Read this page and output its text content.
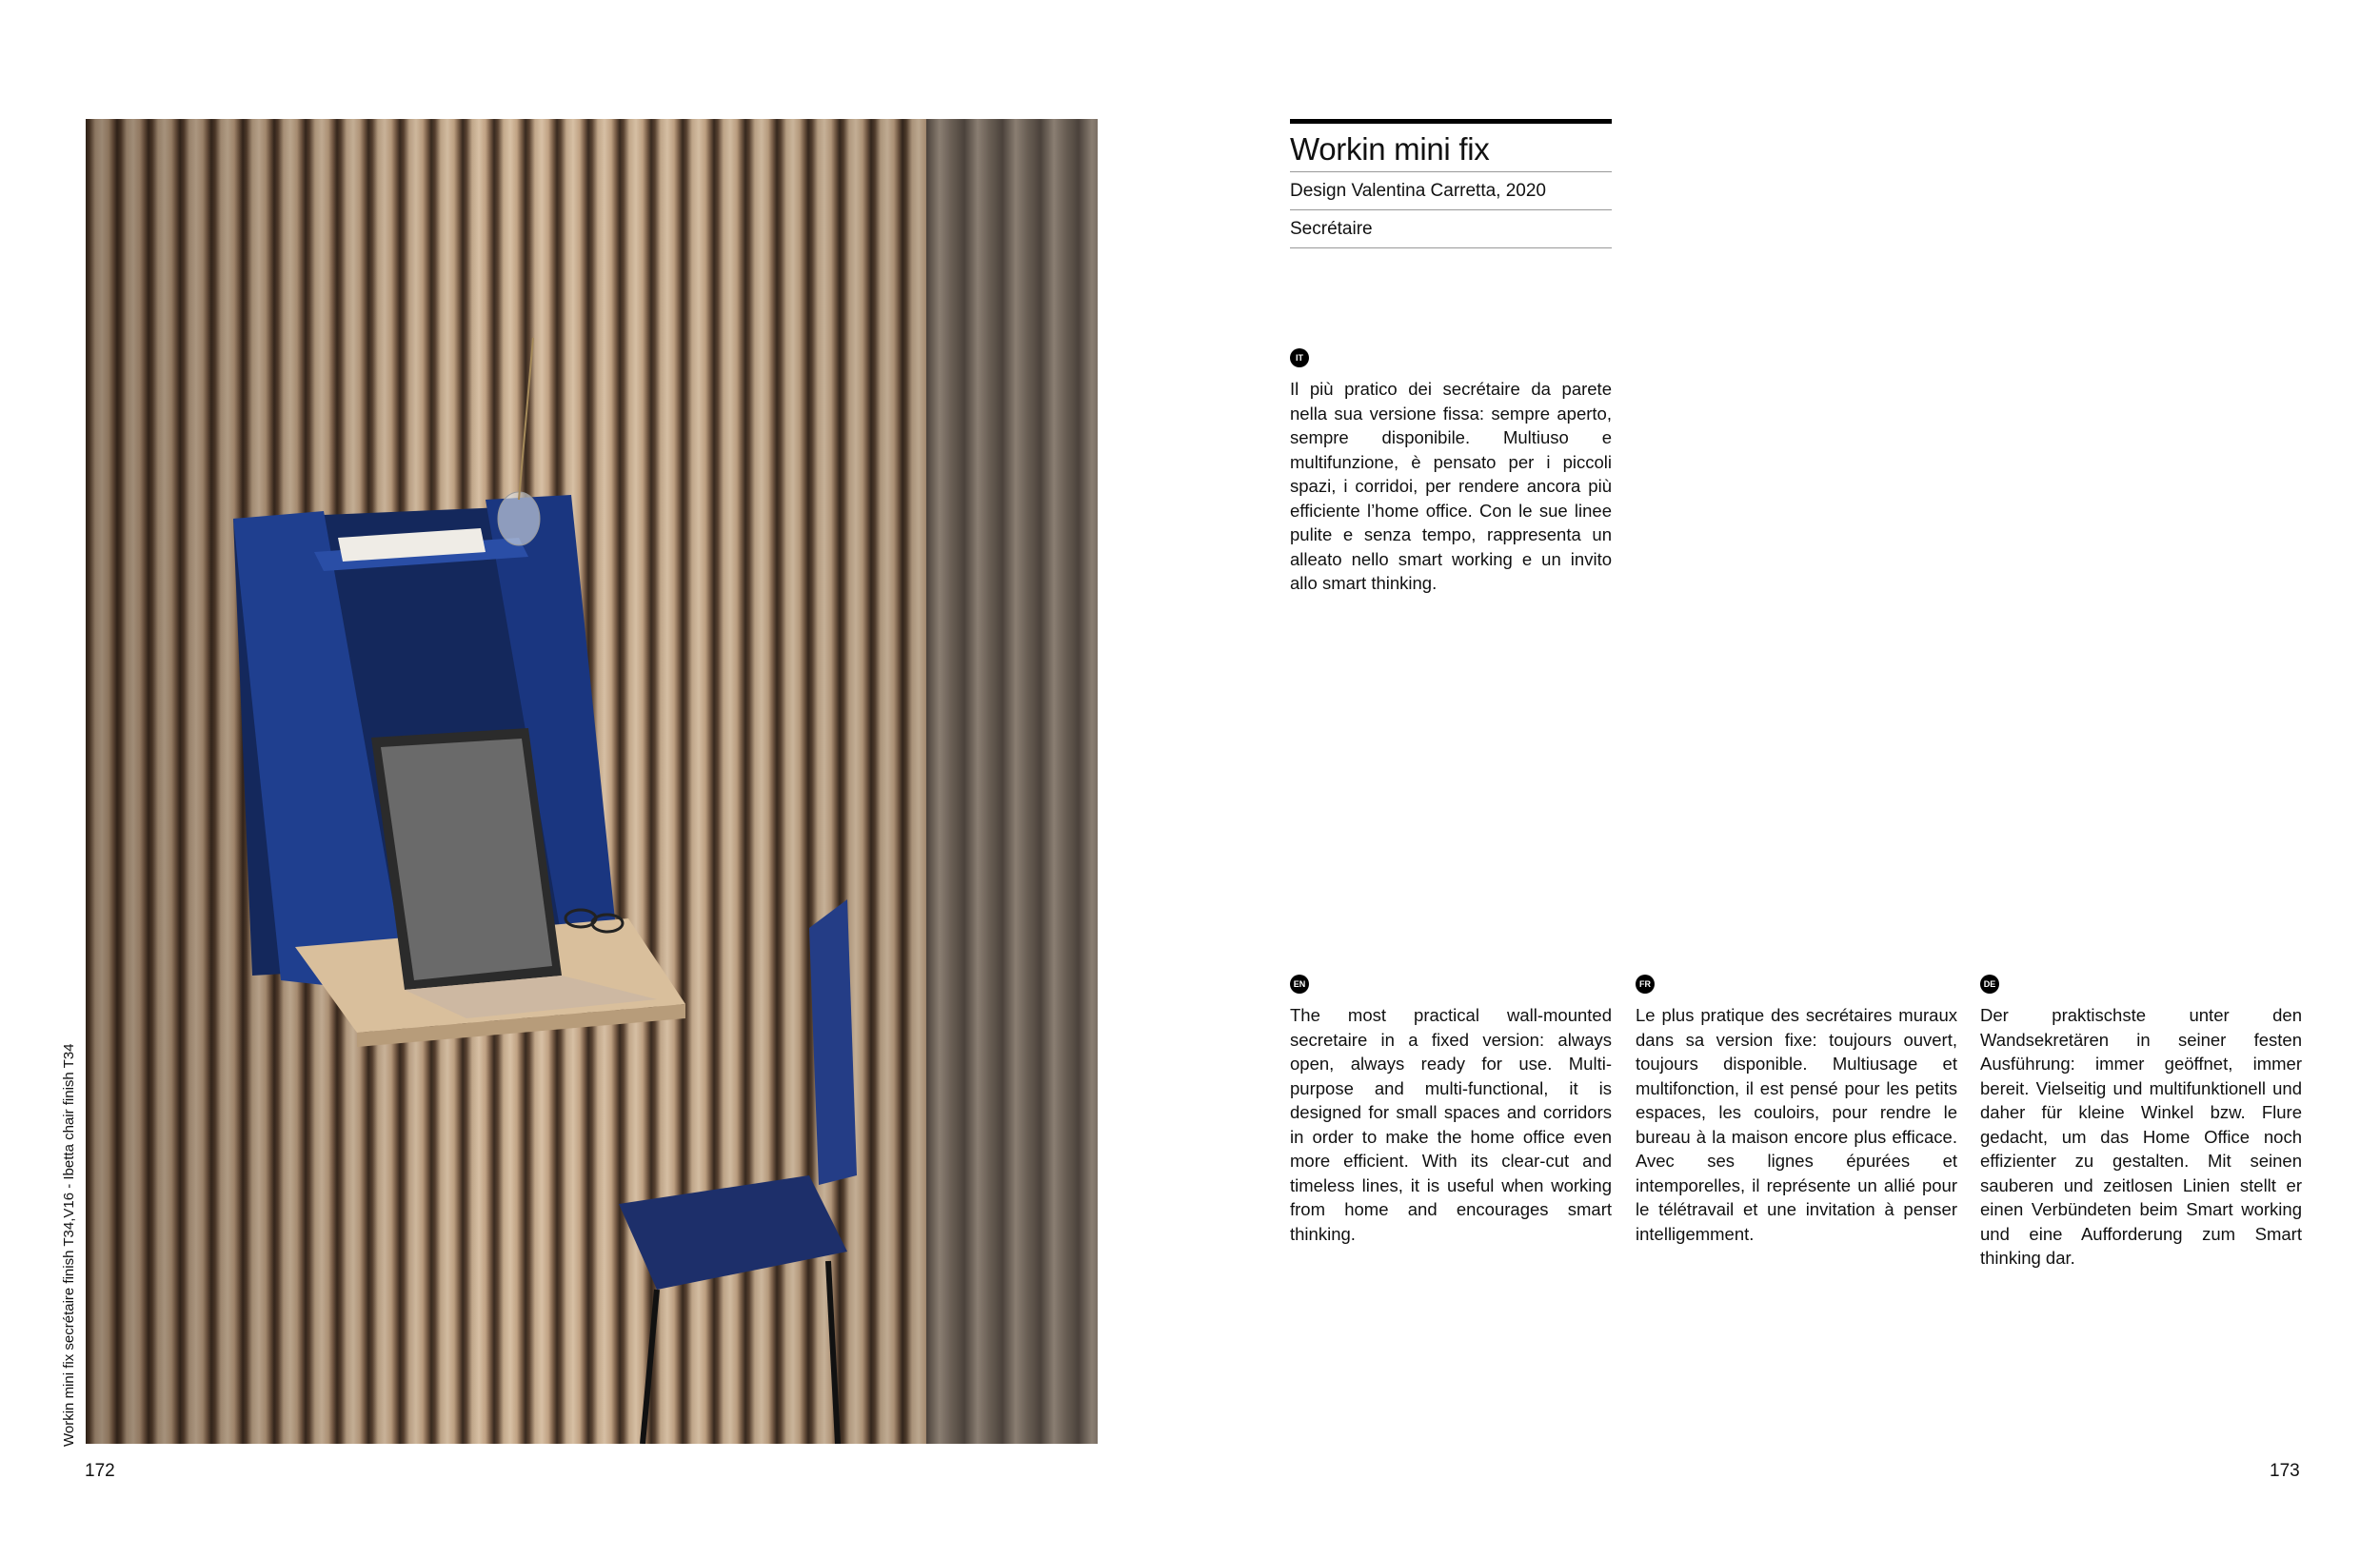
Workin mini fix secrétaire finish T34,V16 - Ibetta chair finish T34
172
Workin mini fix
Design Valentina Carretta, 2020
Secrétaire
IT
Il più pratico dei secrétaire da parete nella sua versione fissa: sempre aperto, sempre disponibile. Multiuso e multifunzione, è pensato per i piccoli spazi, i corridoi, per rendere ancora più efficiente l’home office. Con le sue linee pulite e senza tempo, rappresenta un alleato nello smart working e un invito allo smart thinking.
EN
The most practical wall-mounted secretaire in a fixed version: always open, always ready for use. Multi-purpose and multi-functional, it is designed for small spaces and corridors in order to make the home office even more efficient. With its clear-cut and timeless lines, it is useful when working from home and encourages smart thinking.
FR
Le plus pratique des secrétaires muraux dans sa version fixe: toujours ouvert, toujours disponible. Multiusage et multifonction, il est pensé pour les petits espaces, les couloirs, pour rendre le bureau à la maison encore plus efficace. Avec ses lignes épurées et intemporelles, il représente un allié pour le télétravail et une invitation à penser intelligemment.
DE
Der praktischste unter den Wandsekretären in seiner festen Ausführung: immer geöffnet, immer bereit. Vielseitig und multifunktionell und daher für kleine Winkel bzw. Flure gedacht, um das Home Office noch effizienter zu gestalten. Mit seinen sauberen und zeitlosen Linien stellt er einen Verbündeten beim Smart working und eine Aufforderung zum Smart thinking dar.
173
